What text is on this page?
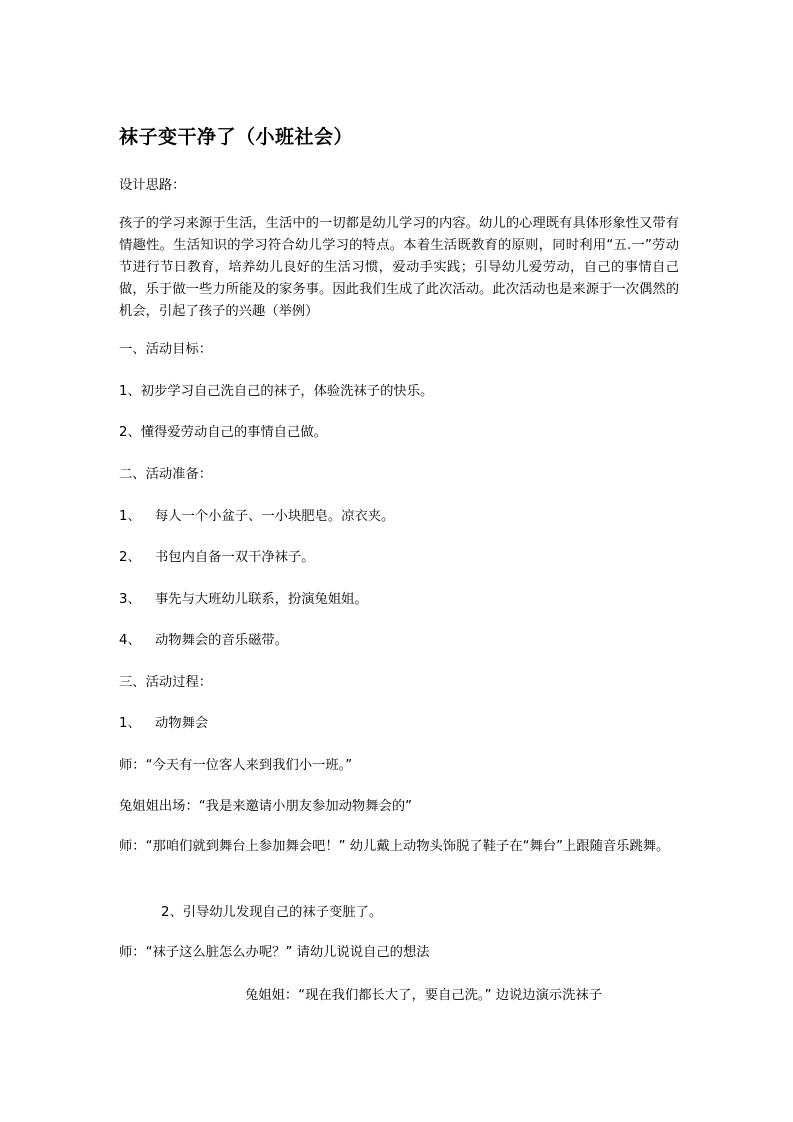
袜子变干净了（小班社会）
设计思路：
孩子的学习来源于生活，生活中的一切都是幼儿学习的内容。幼儿的心理既有具体形象性又带有情趣性。生活知识的学习符合幼儿学习的特点。本着生活既教育的原则，同时利用“五.一”劳动节进行节日教育，培养幼儿良好的生活习惯，爱动手实践；引导幼儿爱劳动，自己的事情自己做，乐于做一些力所能及的家务事。因此我们生成了此次活动。此次活动也是来源于一次偶然的机会，引起了孩子的兴趣（举例）
一、活动目标：
1、初步学习自己洗自己的袜子，体验洗袜子的快乐。
2、懂得爱劳动自己的事情自己做。
二、活动准备：
1、 每人一个小盆子、一小块肥皂。凉衣夹。
2、 书包内自备一双干净袜子。
3、 事先与大班幼儿联系，扮演兔姐姐。
4、 动物舞会的音乐磁带。
三、活动过程：
1、 动物舞会
师：“今天有一位客人来到我们小一班。”
兔姐姐出场：“我是来邀请小朋友参加动物舞会的”
师：“那咱们就到舞台上参加舞会吧！” 幼儿戴上动物头饰脱了鞋子在“舞台”上跟随音乐跳舞。
2、引导幼儿发现自己的袜子变脏了。
师：“袜子这么脏怎么办呢？” 请幼儿说说自己的想法
兔姐姐：“现在我们都长大了，要自己洗。” 边说边演示洗袜子
